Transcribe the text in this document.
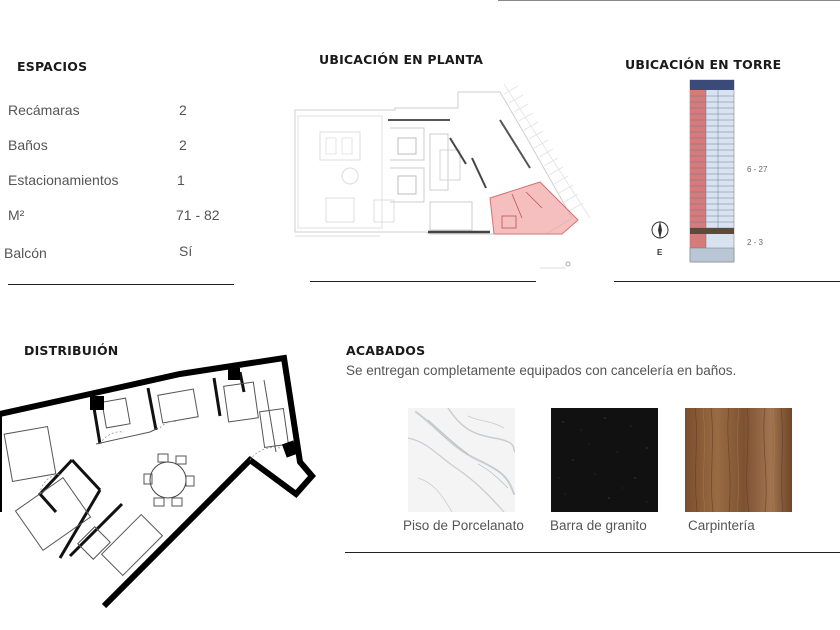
ESPACIOS
Recámaras	2
Baños	2
Estacionamientos	1
M²	71 - 82
Balcón	Sí
UBICACIÓN EN PLANTA	UBICACIÓN EN TORRE
6 - 27
2 - 3
E
DISTRIBUIÓN	ACABADOS
Se entregan completamente equipados con cancelería en baños.
Piso de Porcelanato Barra de granito	Carpintería
